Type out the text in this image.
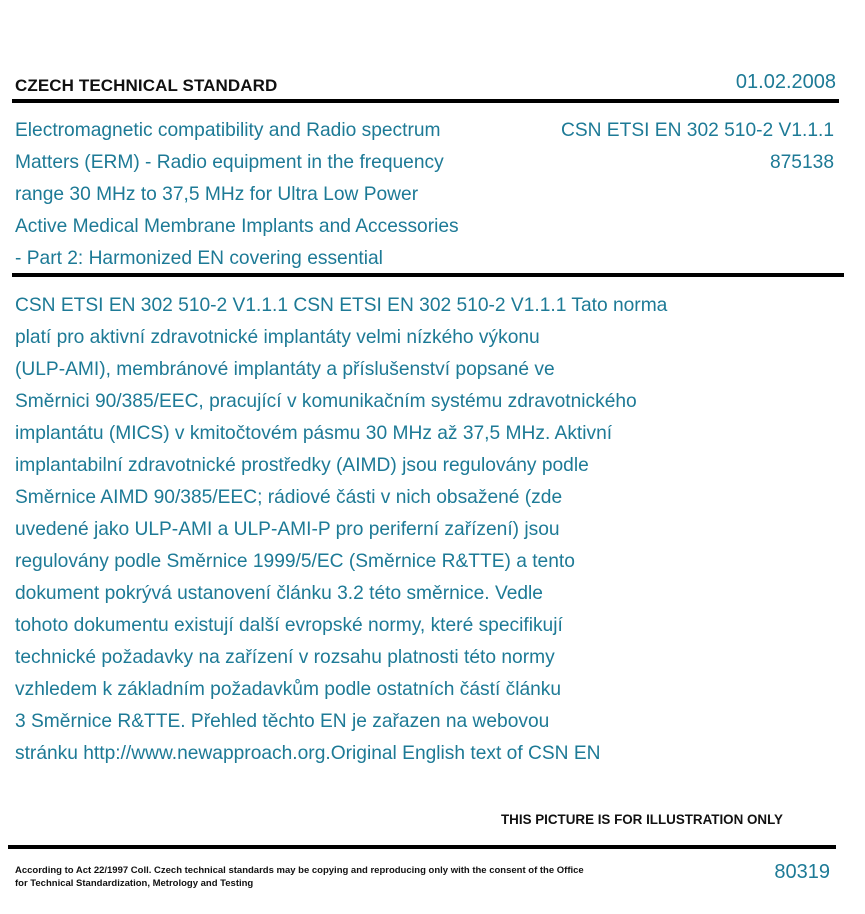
CZECH TECHNICAL STANDARD	01.02.2008
Electromagnetic compatibility and Radio spectrum
Matters (ERM) - Radio equipment in the frequency
range 30 MHz to 37,5 MHz for Ultra Low Power
Active Medical Membrane Implants and Accessories
- Part 2: Harmonized EN covering essential
CSN ETSI EN 302 510-2 V1.1.1
875138
CSN ETSI EN 302 510-2 V1.1.1 CSN ETSI EN 302 510-2 V1.1.1 Tato norma
platí pro aktivní zdravotnické implantáty velmi nízkého výkonu
(ULP-AMI), membránové implantáty a příslušenství popsané ve
Směrnici 90/385/EEC, pracující v komunikačním systému zdravotnického
implantátu (MICS) v kmitočtovém pásmu 30 MHz až 37,5 MHz. Aktivní
implantabilní zdravotnické prostředky (AIMD) jsou regulovány podle
Směrnice AIMD 90/385/EEC; rádiové části v nich obsažené (zde
uvedené jako ULP-AMI a ULP-AMI-P pro periferní zařízení) jsou
regulovány podle Směrnice 1999/5/EC (Směrnice R&TTE) a tento
dokument pokrývá ustanovení článku 3.2 této směrnice. Vedle
tohoto dokumentu existují další evropské normy, které specifikují
technické požadavky na zařízení v rozsahu platnosti této normy
vzhledem k základním požadavkům podle ostatních částí článku
3 Směrnice R&TTE. Přehled těchto EN je zařazen na webovou
stránku http://www.newapproach.org.Original English text of CSN EN
THIS PICTURE IS FOR ILLUSTRATION ONLY
According to Act 22/1997 Coll. Czech technical standards may be copying and reproducing only with the consent of the Office
for Technical Standardization, Metrology and Testing
80319
